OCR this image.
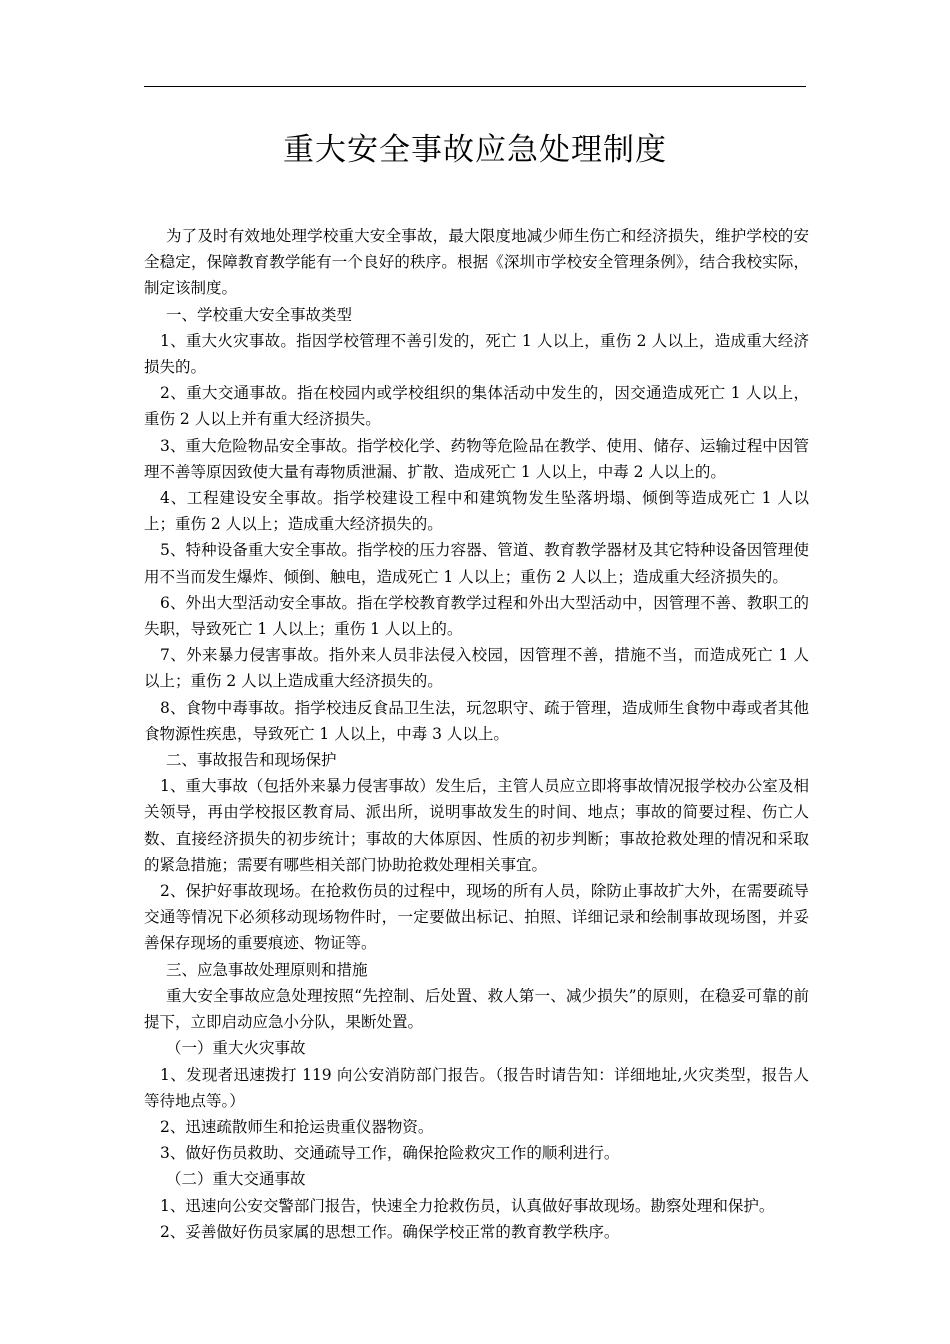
重大安全事故应急处理制度

为了及时有效地处理学校重大安全事故，最大限度地减少师生伤亡和经济损失，维护学校的安全稳定，保障教育教学能有一个良好的秩序。根据《深圳市学校安全管理条例》，结合我校实际，制定该制度。

一、学校重大安全事故类型

1、重大火灾事故。指因学校管理不善引发的，死亡 1 人以上，重伤 2 人以上，造成重大经济损失的。

2、重大交通事故。指在校园内或学校组织的集体活动中发生的，因交通造成死亡 1 人以上，重伤 2 人以上并有重大经济损失。

3、重大危险物品安全事故。指学校化学、药物等危险品在教学、使用、储存、运输过程中因管理不善等原因致使大量有毒物质泄漏、扩散、造成死亡 1 人以上，中毒 2 人以上的。

4、工程建设安全事故。指学校建设工程中和建筑物发生坠落坍塌、倾倒等造成死亡 1 人以上；重伤 2 人以上；造成重大经济损失的。

5、特种设备重大安全事故。指学校的压力容器、管道、教育教学器材及其它特种设备因管理使用不当而发生爆炸、倾倒、触电，造成死亡 1 人以上；重伤 2 人以上；造成重大经济损失的。

6、外出大型活动安全事故。指在学校教育教学过程和外出大型活动中，因管理不善、教职工的失职，导致死亡 1 人以上；重伤 1 人以上的。

7、外来暴力侵害事故。指外来人员非法侵入校园，因管理不善，措施不当，而造成死亡 1 人以上；重伤 2 人以上造成重大经济损失的。

8、食物中毒事故。指学校违反食品卫生法，玩忽职守、疏于管理，造成师生食物中毒或者其他食物源性疾患，导致死亡 1 人以上，中毒 3 人以上。

二、事故报告和现场保护

1、重大事故（包括外来暴力侵害事故）发生后，主管人员应立即将事故情况报学校办公室及相关领导，再由学校报区教育局、派出所，说明事故发生的时间、地点；事故的简要过程、伤亡人数、直接经济损失的初步统计；事故的大体原因、性质的初步判断；事故抢救处理的情况和采取的紧急措施；需要有哪些相关部门协助抢救处理相关事宜。

2、保护好事故现场。在抢救伤员的过程中，现场的所有人员，除防止事故扩大外，在需要疏导交通等情况下必须移动现场物件时，一定要做出标记、拍照、详细记录和绘制事故现场图，并妥善保存现场的重要痕迹、物证等。

三、应急事故处理原则和措施

重大安全事故应急处理按照“先控制、后处置、救人第一、减少损失”的原则，在稳妥可靠的前提下，立即启动应急小分队，果断处置。

（一）重大火灾事故

1、发现者迅速拨打 119 向公安消防部门报告。（报告时请告知：详细地址,火灾类型，报告人等待地点等。）

2、迅速疏散师生和抢运贵重仪器物资。

3、做好伤员救助、交通疏导工作，确保抢险救灾工作的顺利进行。

（二）重大交通事故

1、迅速向公安交警部门报告，快速全力抢救伤员，认真做好事故现场。勘察处理和保护。

2、妥善做好伤员家属的思想工作。确保学校正常的教育教学秩序。
